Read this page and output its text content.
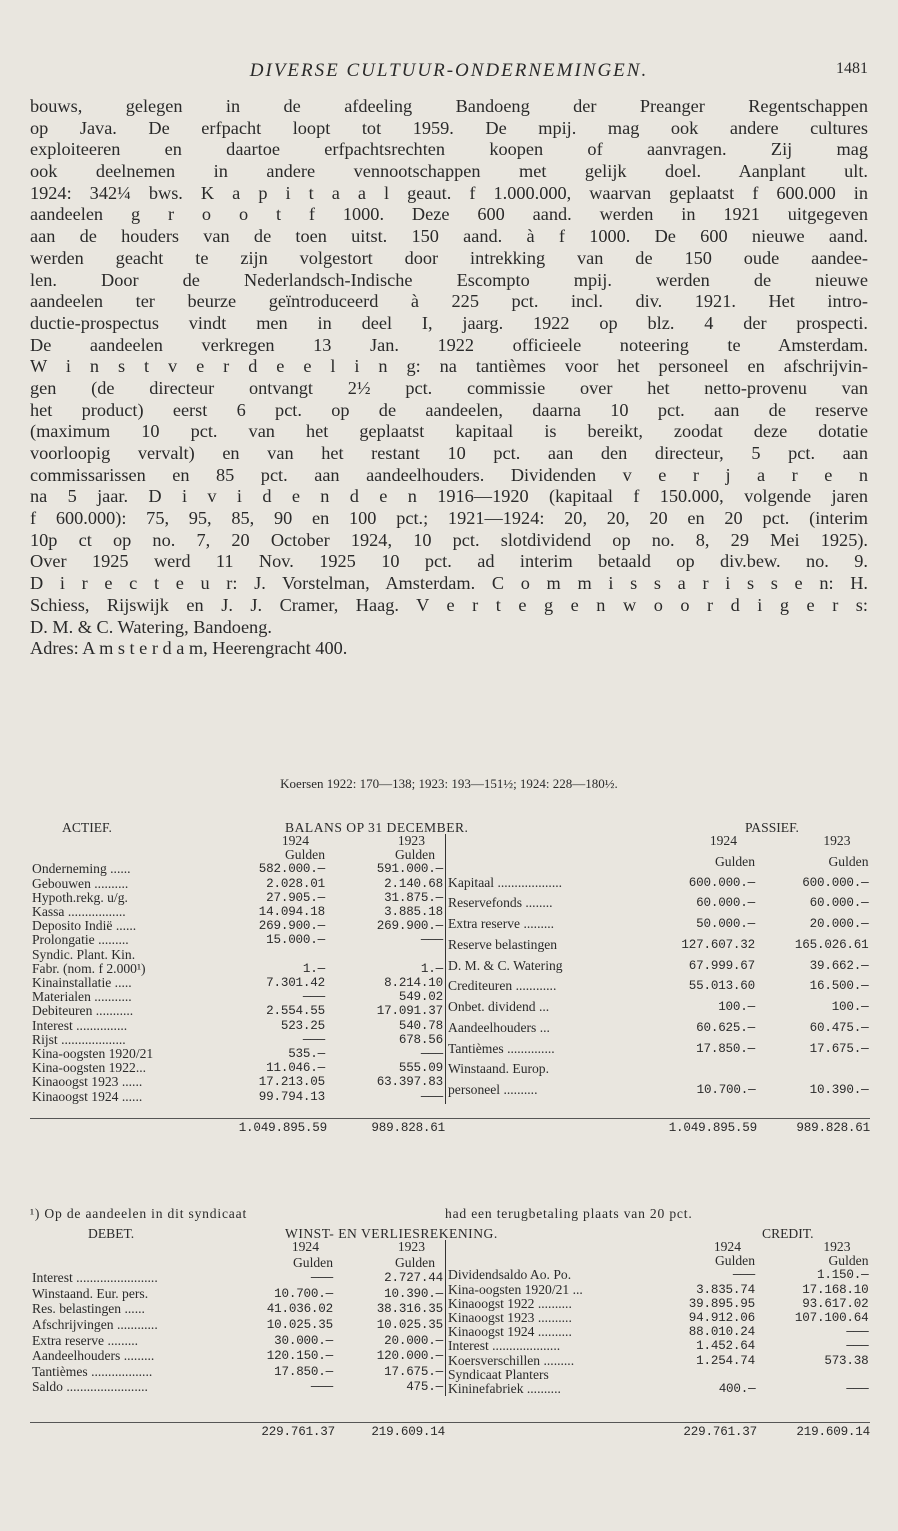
DIVERSE CULTUUR-ONDERNEMINGEN.	1481
bouws, gelegen in de afdeeling Bandoeng der Preanger Regentschappen
op Java. De erfpacht loopt tot 1959. De mpij. mag ook andere cultures
exploiteeren en daartoe erfpachtsrechten koopen of aanvragen. Zij mag
ook deelnemen in andere vennootschappen met gelijk doel. Aanplant ult.
1924: 342¼ bws. K a p i t a a l geaut. f 1.000.000, waarvan geplaatst f 600.000 in
aandeelen g r o o t f 1000. Deze 600 aand. werden in 1921 uitgegeven
aan de houders van de toen uitst. 150 aand. à f 1000. De 600 nieuwe aand.
werden geacht te zijn volgestort door intrekking van de 150 oude aandee-
len. Door de Nederlandsch-Indische Escompto mpij. werden de nieuwe
aandeelen ter beurze geïntroduceerd à 225 pct. incl. div. 1921. Het intro-
ductie-prospectus vindt men in deel I, jaarg. 1922 op blz. 4 der prospecti.
De aandeelen verkregen 13 Jan. 1922 officieele noteering te Amsterdam.
W i n s t v e r d e e l i n g: na tantièmes voor het personeel en afschrijvin-
gen (de directeur ontvangt 2½ pct. commissie over het netto-provenu van
het product) eerst 6 pct. op de aandeelen, daarna 10 pct. aan de reserve
(maximum 10 pct. van het geplaatst kapitaal is bereikt, zoodat deze dotatie
voorloopig vervalt) en van het restant 10 pct. aan den directeur, 5 pct. aan
commissarissen en 85 pct. aan aandeelhouders. Dividenden v e r j a r e n
na 5 jaar. D i v i d e n d e n 1916—1920 (kapitaal f 150.000, volgende jaren
f 600.000): 75, 95, 85, 90 en 100 pct.; 1921—1924: 20, 20, 20 en 20 pct. (interim
10p ct op no. 7, 20 October 1924, 10 pct. slotdividend op no. 8, 29 Mei 1925).
Over 1925 werd 11 Nov. 1925 10 pct. ad interim betaald op div.bew. no. 9.
D i r e c t e u r: J. Vorstelman, Amsterdam. C o m m i s s a r i s s e n: H.
Schiess, Rijswijk en J. J. Cramer, Haag. V e r t e g e n w o o r d i g e r s:
D. M. & C. Watering, Bandoeng.
Adres: A m s t e r d a m, Heerengracht 400.
Koersen 1922: 170—138; 1923: 193—151½; 1924: 228—180½.
ACTIEF.	BALANS OP 31 DECEMBER.	PASSIEF.
	1924	1923
	Gulden	Gulden
Onderneming ......	582.000.—	591.000.—
Gebouwen ..........	2.028.01	2.140.68
Hypoth.rekg. u/g.	27.905.—	31.875.—
Kassa .................	14.094.18	3.885.18
Deposito Indië ......	269.900.—	269.900.—
Prolongatie .........	15.000.—	———
Syndic. Plant. Kin.		
Fabr. (nom. f 2.000¹)	1.—	1.—
Kinainstallatie .....	7.301.42	8.214.10
Materialen ...........	———	549.02
Debiteuren ...........	2.554.55	17.091.37
Interest ...............	523.25	540.78
Rijst ...................	———	678.56
Kina-oogsten 1920/21	535.—	———
Kina-oogsten 1922...	11.046.—	555.09
Kinaoogst 1923 ......	17.213.05	63.397.83
Kinaoogst 1924 ......	99.794.13	———
	1924	1923
	Gulden	Gulden
Kapitaal ...................	600.000.—	600.000.—
Reservefonds ........	60.000.—	60.000.—
Extra reserve .........	50.000.—	20.000.—
Reserve belastingen	127.607.32	165.026.61
D. M. & C. Watering	67.999.67	39.662.—
Crediteuren ............	55.013.60	16.500.—
Onbet. dividend ...	100.—	100.—
Aandeelhouders ...	60.625.—	60.475.—
Tantièmes ..............	17.850.—	17.675.—
Winstaand. Europ.		
personeel ..........	10.700.—	10.390.—
1.049.895.59	989.828.61	1.049.895.59	989.828.61
¹) Op de aandeelen in dit syndicaat	had een terugbetaling plaats van 20 pct.
DEBET.	WINST- EN VERLIESREKENING.	CREDIT.
	1924	1923
	Gulden	Gulden
Interest ........................	———	2.727.44
Winstaand. Eur. pers.	10.700.—	10.390.—
Res. belastingen ......	41.036.02	38.316.35
Afschrijvingen ............	10.025.35	10.025.35
Extra reserve .........	30.000.—	20.000.—
Aandeelhouders .........	120.150.—	120.000.—
Tantièmes ..................	17.850.—	17.675.—
Saldo ........................	———	475.—
	1924	1923
	Gulden	Gulden
Dividendsaldo Ao. Po.	———	1.150.—
Kina-oogsten 1920/21 ...	3.835.74	17.168.10
Kinaoogst 1922 ..........	39.895.95	93.617.02
Kinaoogst 1923 ..........	94.912.06	107.100.64
Kinaoogst 1924 ..........	88.010.24	———
Interest ....................	1.452.64	———
Koersverschillen .........	1.254.74	573.38
Syndicaat Planters		
Kininefabriek ..........	400.—	———
229.761.37	219.609.14	229.761.37	219.609.14
